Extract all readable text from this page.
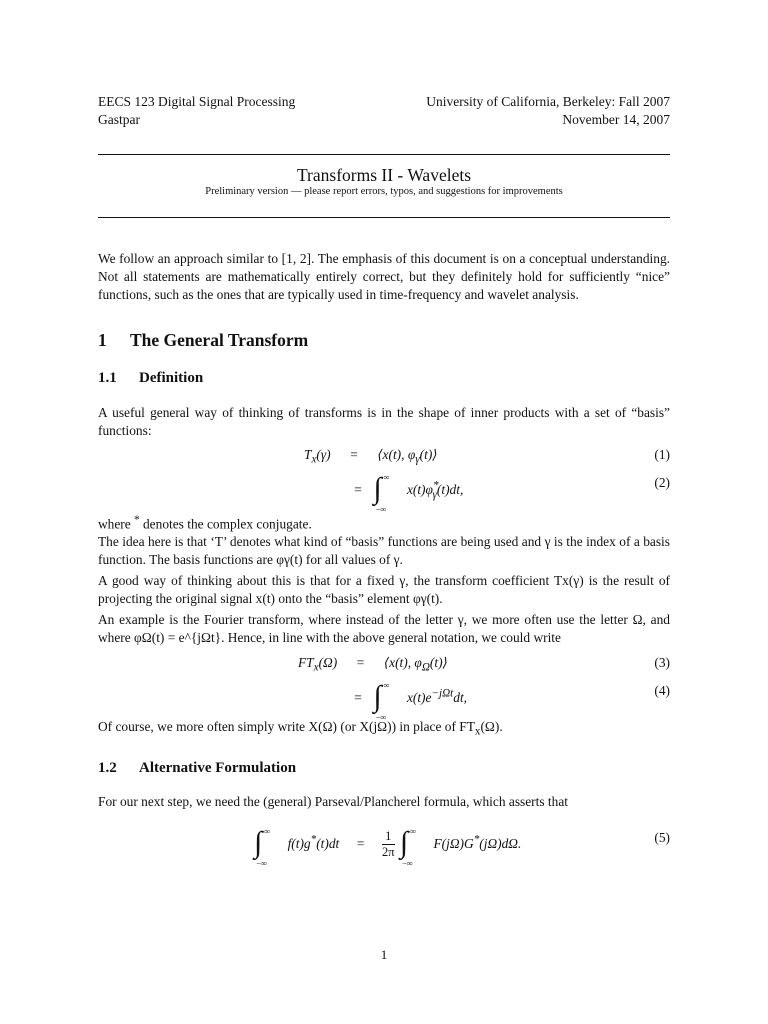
EECS 123 Digital Signal Processing
Gastpar
University of California, Berkeley: Fall 2007
November 14, 2007
Transforms II - Wavelets
Preliminary version — please report errors, typos, and suggestions for improvements

We follow an approach similar to [1, 2]. The emphasis of this document is on a conceptual understanding. Not all statements are mathematically entirely correct, but they definitely hold for sufficiently “nice” functions, such as the ones that are typically used in time-frequency and wavelet analysis.

1 The General Transform
1.1 Definition

A useful general way of thinking of transforms is in the shape of inner products with a set of “basis” functions:

$T_x(\gamma)$ = ⟨x(t), $\varphi_\gamma(t)⟩$	(1)
= ∫ ∞
−∞
$x(t)\varphi^*_\gamma(t)dt$,	(2)

where * denotes the complex conjugate.

The idea here is that ‘T’ denotes what kind of “basis” functions are being used and γ is the index of a basis function. The basis functions are φγ(t) for all values of γ.

A good way of thinking about this is that for a fixed γ, the transform coefficient Tx(γ) is the result of projecting the original signal x(t) onto the “basis” element φγ(t).

An example is the Fourier transform, where instead of the letter γ, we more often use the letter Ω, and where φΩ(t) = e^{jΩt}. Hence, in line with the above general notation, we could write

$FT_x(\Omega)$ = ⟨x(t), $\varphi_\Omega(t)⟩$	(3)
= ∫ ∞
−∞
$x(t)e^{-j\Omega t}dt$,	(4)

Of course, we more often simply write X(Ω) (or X(jΩ)) in place of $FT_x(\Omega)$.

1.2 Alternative Formulation

For our next step, we need the (general) Parseval/Plancherel formula, which asserts that

∫ ∞
−∞
$f(t)g^*(t)dt = \frac{1}{2\pi}$ ∫ ∞
−∞
F(jΩ)G*(jΩ)dΩ.	(5)
1
